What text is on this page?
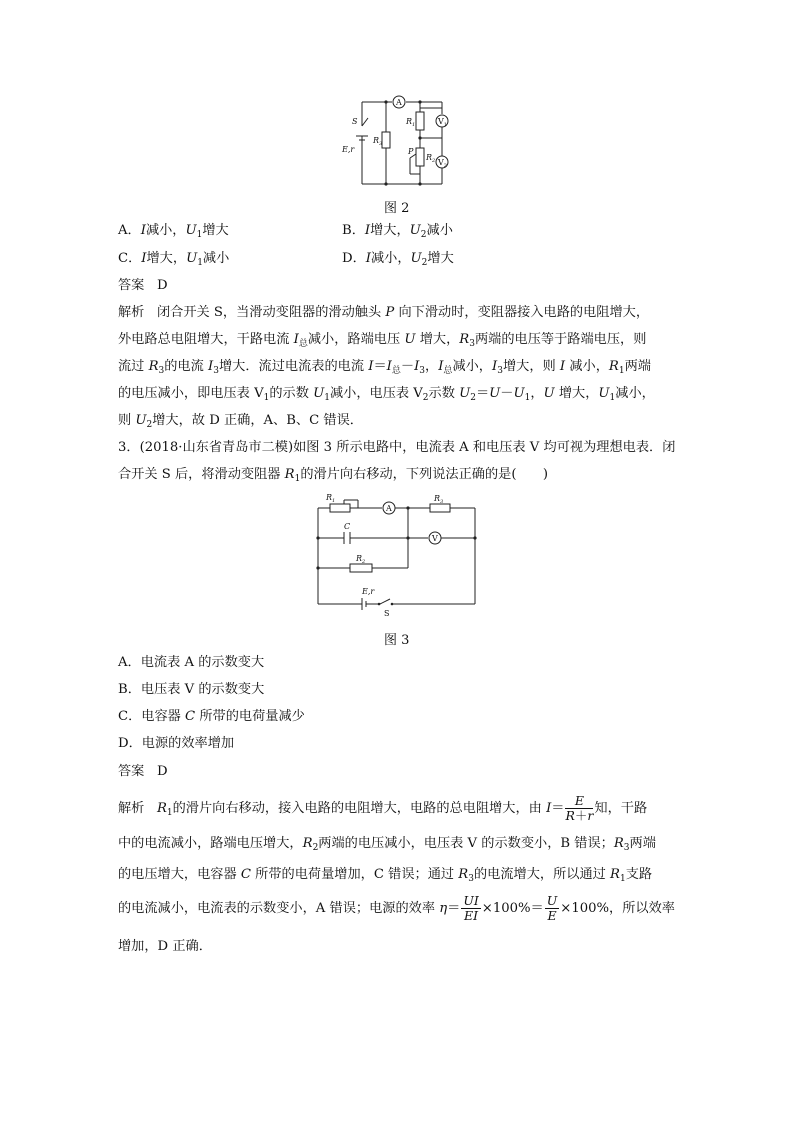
A
S
E,r
$R_3$
$R_1$	$V_1$
P
$R_2$ $V_2$
图 2
A．I减小，$U_1$增大	B．I增大，$U_2$减小
C．I增大，$U_1$减小	D．I减小，$U_2$增大
答案 D
解析 闭合开关 S，当滑动变阻器的滑动触头 P 向下滑动时，变阻器接入电路的电阻增大，
外电路总电阻增大，干路电流 $I_总$减小，路端电压 U 增大，$R_3$两端的电压等于路端电压，则
流过 $R_3$的电流 $I_3$增大．流过电流表的电流 $I=I_总-I_3$，$I_总$减小，$I_3$增大，则 I 减小，$R_1$两端
的电压减小，即电压表 $V_1$的示数 $U_1$减小，电压表 $V_2$示数 $U_2=U-U_1$，U 增大，$U_1$减小，
则 $U_2$增大，故 D 正确，A、B、C 错误．
3．(2018·山东省青岛市二模)如图 3 所示电路中，电流表 A 和电压表 V 均可视为理想电表．闭
合开关 S 后，将滑动变阻器 $R_1$的滑片向右移动，下列说法正确的是(　　)
$R_1$
A
$R_3$
C
V
$R_2$
E,r
S
图 3
A．电流表 A 的示数变大
B．电压表 V 的示数变大
C．电容器 C 所带的电荷量减少
D．电源的效率增加
答案 D
解析 $R_1$的滑片向右移动，接入电路的电阻增大，电路的总电阻增大，由 $I= \frac{E}{R+r}$ 知，干路
中的电流减小，路端电压增大，$R_2$两端的电压减小，电压表 V 的示数变小，B 错误；$R_3$两端
的电压增大，电容器 C 所带的电荷量增加，C 错误；通过 $R_3$的电流增大，所以通过 $R_1$支路
的电流减小，电流表的示数变小，A 错误；电源的效率 $\eta= \frac{UI}{EI} \times 100\%= \frac{U}{E} \times 100\%$，所以效率
增加，D 正确．
